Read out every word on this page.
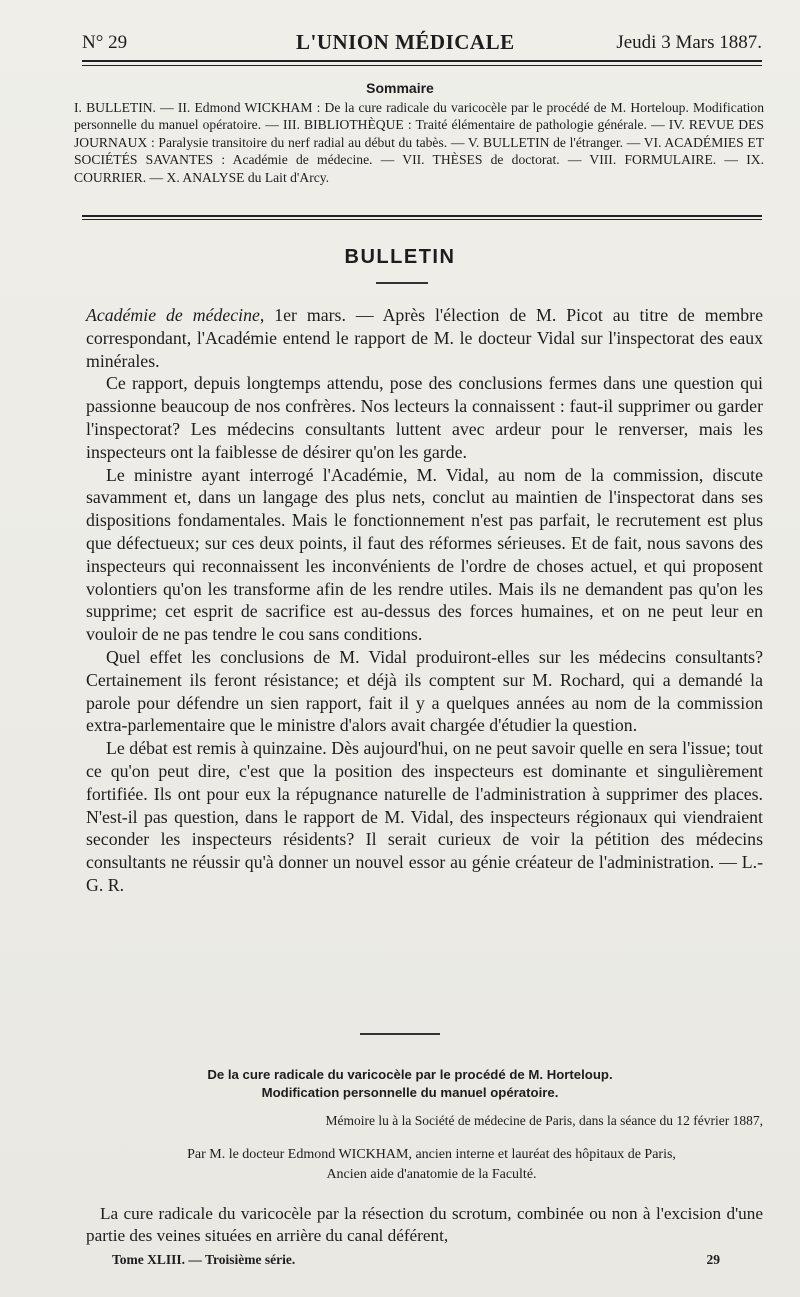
N° 29	L'UNION MÉDICALE	Jeudi 3 Mars 1887.
Sommaire
I. BULLETIN. — II. Edmond WICKHAM : De la cure radicale du varicocèle par le procédé de M. Horteloup. Modification personnelle du manuel opératoire. — III. BIBLIOTHÈQUE : Traité élémentaire de pathologie générale. — IV. REVUE DES JOURNAUX : Paralysie transitoire du nerf radial au début du tabès. — V. BULLETIN de l'étranger. — VI. ACADÉMIES ET SOCIÉTÉS SAVANTES : Académie de médecine. — VII. THÈSES de doctorat. — VIII. FORMULAIRE. — IX. COURRIER. — X. ANALYSE du Lait d'Arcy.
BULLETIN

Académie de médecine, 1er mars. — Après l'élection de M. Picot au titre de membre correspondant, l'Académie entend le rapport de M. le docteur Vidal sur l'inspectorat des eaux minérales.

Ce rapport, depuis longtemps attendu, pose des conclusions fermes dans une question qui passionne beaucoup de nos confrères. Nos lecteurs la connaissent : faut-il supprimer ou garder l'inspectorat? Les médecins consultants luttent avec ardeur pour le renverser, mais les inspecteurs ont la faiblesse de désirer qu'on les garde.

Le ministre ayant interrogé l'Académie, M. Vidal, au nom de la commission, discute savamment et, dans un langage des plus nets, conclut au maintien de l'inspectorat dans ses dispositions fondamentales. Mais le fonctionnement n'est pas parfait, le recrutement est plus que défectueux; sur ces deux points, il faut des réformes sérieuses. Et de fait, nous savons des inspecteurs qui reconnaissent les inconvénients de l'ordre de choses actuel, et qui proposent volontiers qu'on les transforme afin de les rendre utiles. Mais ils ne demandent pas qu'on les supprime; cet esprit de sacrifice est au-dessus des forces humaines, et on ne peut leur en vouloir de ne pas tendre le cou sans conditions.

Quel effet les conclusions de M. Vidal produiront-elles sur les médecins consultants? Certainement ils feront résistance; et déjà ils comptent sur M. Rochard, qui a demandé la parole pour défendre un sien rapport, fait il y a quelques années au nom de la commission extra-parlementaire que le ministre d'alors avait chargée d'étudier la question.

Le débat est remis à quinzaine. Dès aujourd'hui, on ne peut savoir quelle en sera l'issue; tout ce qu'on peut dire, c'est que la position des inspecteurs est dominante et singulièrement fortifiée. Ils ont pour eux la répugnance naturelle de l'administration à supprimer des places. N'est-il pas question, dans le rapport de M. Vidal, des inspecteurs régionaux qui viendraient seconder les inspecteurs résidents? Il serait curieux de voir la pétition des médecins consultants ne réussir qu'à donner un nouvel essor au génie créateur de l'administration. — L.-G. R.

De la cure radicale du varicocèle par le procédé de M. Horteloup.
Modification personnelle du manuel opératoire.
Mémoire lu à la Société de médecine de Paris, dans la séance du 12 février 1887,
Par M. le docteur Edmond WICKHAM, ancien interne et lauréat des hôpitaux de Paris,
Ancien aide d'anatomie de la Faculté.

La cure radicale du varicocèle par la résection du scrotum, combinée ou non à l'excision d'une partie des veines situées en arrière du canal déférent,

Tome XLIII. — Troisième série.	29
